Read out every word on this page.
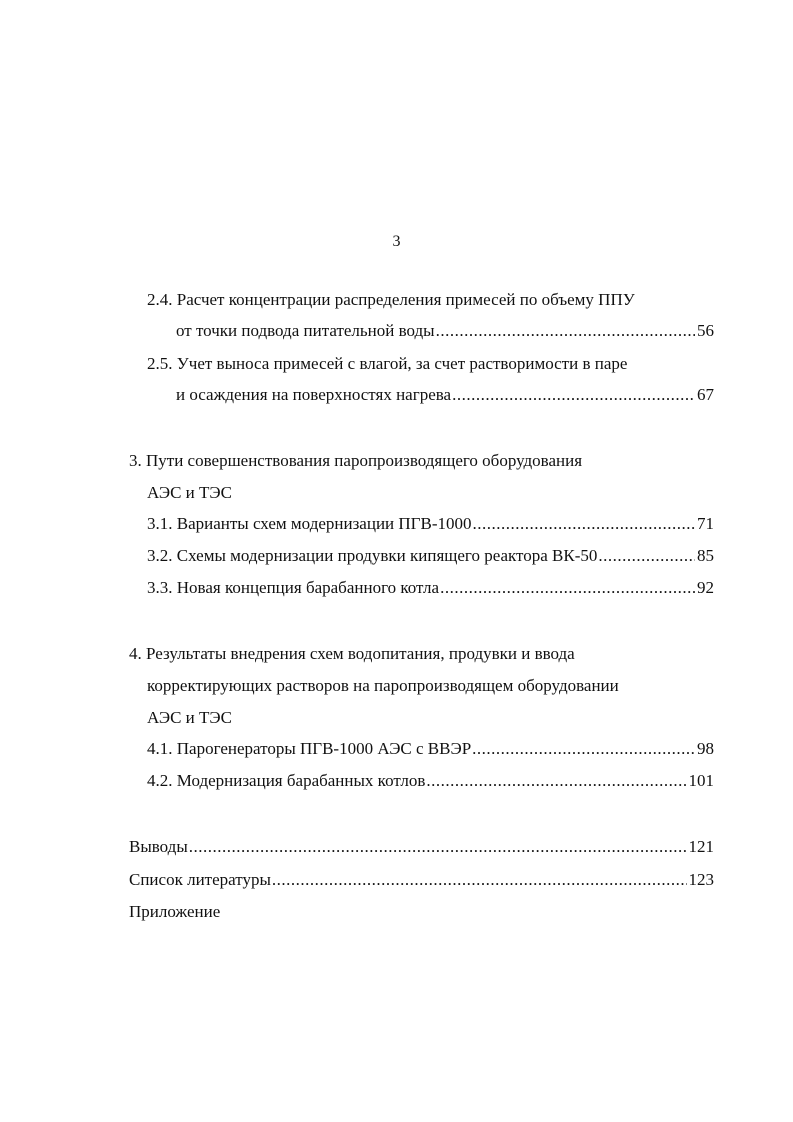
3
2.4. Расчет концентрации распределения примесей по объему ППУ
от точки подвода питательной воды .....	56
2.5. Учет выноса примесей с влагой, за счет растворимости в паре
и осаждения на поверхностях нагрева .....	67
3. Пути совершенствования паропроизводящего оборудования
АЭС и ТЭС
3.1. Варианты схем модернизации ПГВ-1000 .....	71
3.2. Схемы модернизации продувки кипящего реактора ВК-50 .....	85
3.3. Новая концепция барабанного котла .....	92
4. Результаты внедрения схем водопитания, продувки и ввода
корректирующих растворов на паропроизводящем оборудовании
АЭС и ТЭС
4.1. Парогенераторы ПГВ-1000 АЭС с ВВЭР .....	98
4.2. Модернизация барабанных котлов .....	101
Выводы .....	121
Список литературы .....	123
Приложение
